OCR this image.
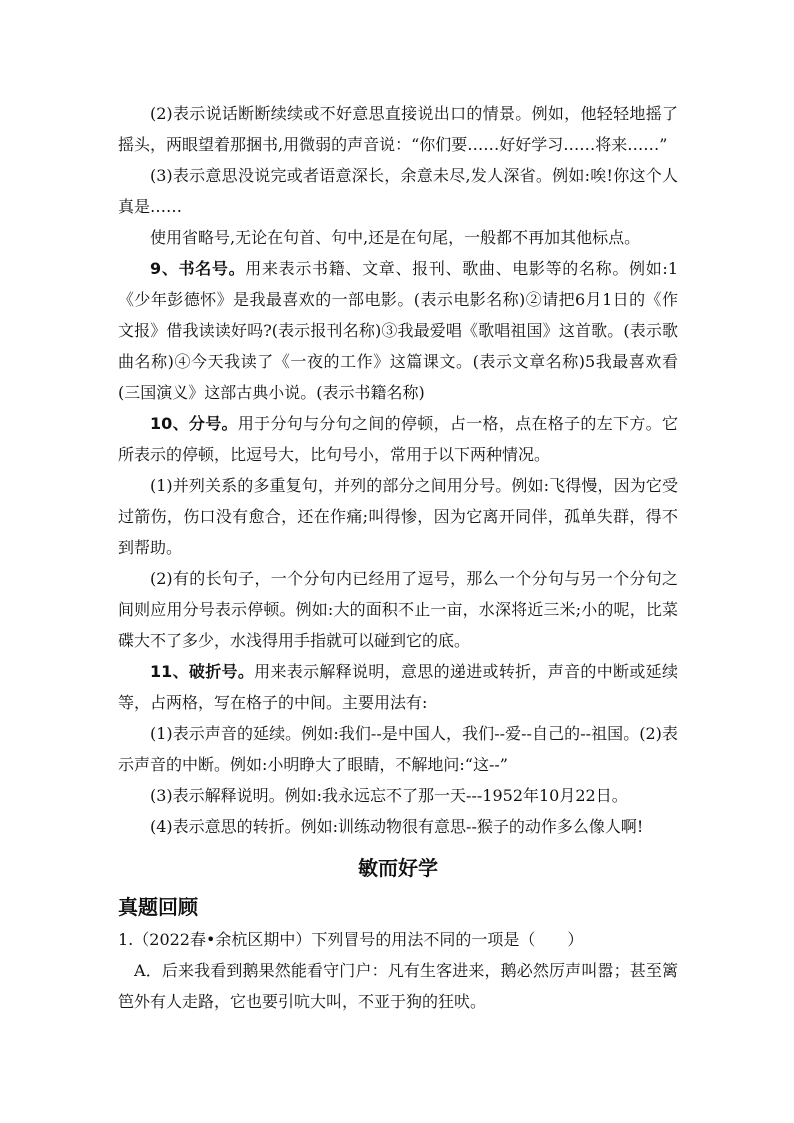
(2)表示说话断断续续或不好意思直接说出口的情景。例如，他轻轻地摇了摇头，两眼望着那捆书,用微弱的声音说：“你们要……好好学习……将来……”

(3)表示意思没说完或者语意深长，余意未尽,发人深省。例如:唉!你这个人真是……

使用省略号,无论在句首、句中,还是在句尾，一般都不再加其他标点。

9、书名号。用来表示书籍、文章、报刊、歌曲、电影等的名称。例如:1《少年彭德怀》是我最喜欢的一部电影。(表示电影名称)②请把6月1日的《作文报》借我读读好吗?(表示报刊名称)③我最爱唱《歌唱祖国》这首歌。(表示歌曲名称)④今天我读了《一夜的工作》这篇课文。(表示文章名称)5我最喜欢看(三国演义》这部古典小说。(表示书籍名称)

10、分号。用于分句与分句之间的停顿，占一格，点在格子的左下方。它所表示的停顿，比逗号大，比句号小，常用于以下两种情况。

(1)并列关系的多重复句，并列的部分之间用分号。例如:飞得慢，因为它受过箭伤，伤口没有愈合，还在作痛;叫得惨，因为它离开同伴，孤单失群，得不到帮助。

(2)有的长句子，一个分句内已经用了逗号，那么一个分句与另一个分句之间则应用分号表示停顿。例如:大的面积不止一亩，水深将近三米;小的呢，比菜碟大不了多少，水浅得用手指就可以碰到它的底。

11、破折号。用来表示解释说明，意思的递进或转折，声音的中断或延续等，占两格，写在格子的中间。主要用法有:

(1)表示声音的延续。例如:我们--是中国人，我们--爱--自己的--祖国。(2)表示声音的中断。例如:小明睁大了眼睛，不解地问:“这--”

(3)表示解释说明。例如:我永远忘不了那一天---1952年10月22日。

(4)表示意思的转折。例如:训练动物很有意思--猴子的动作多么像人啊!

敏而好学
真题回顾

1.（2022春•余杭区期中）下列冒号的用法不同的一项是（　　）

A．后来我看到鹅果然能看守门户：凡有生客进来，鹅必然厉声叫嚣；甚至篱笆外有人走路，它也要引吭大叫，不亚于狗的狂吠。
